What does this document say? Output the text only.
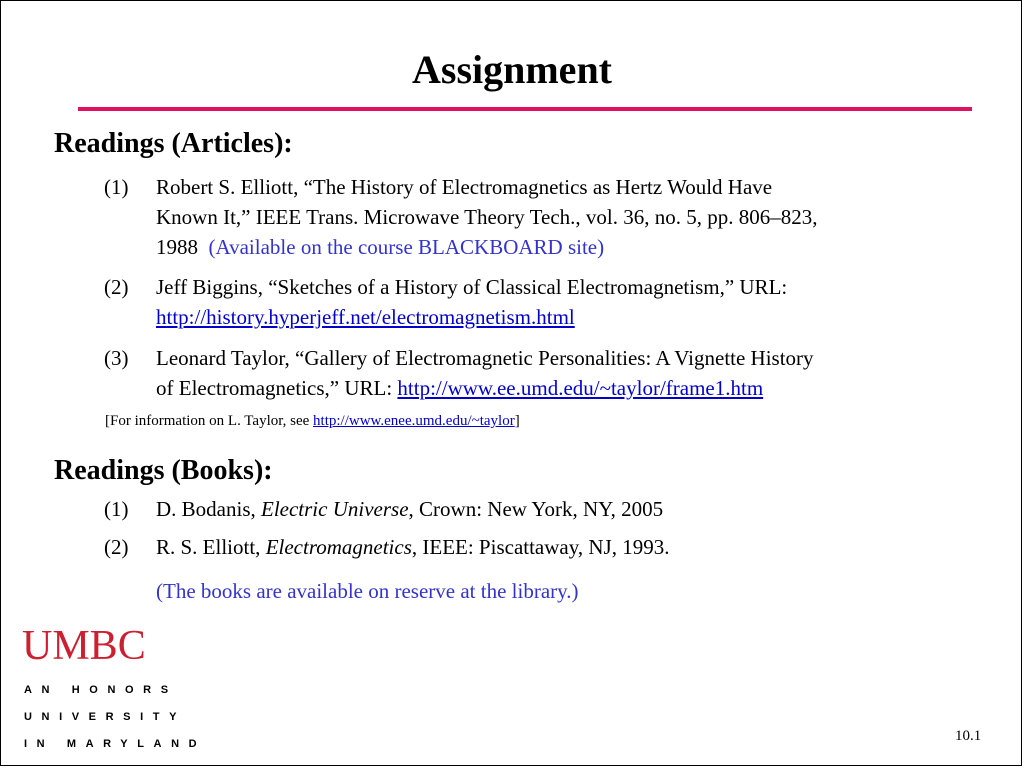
Assignment
Readings (Articles):
(1) Robert S. Elliott, “The History of Electromagnetics as Hertz Would Have
Known It,” IEEE Trans. Microwave Theory Tech., vol. 36, no. 5, pp. 806–823,
1988 (Available on the course BLACKBOARD site)
(2) Jeff Biggins, “Sketches of a History of Classical Electromagnetism,” URL:
http://history.hyperjeff.net/electromagnetism.html
(3) Leonard Taylor, “Gallery of Electromagnetic Personalities: A Vignette History
of Electromagnetics,” URL: http://www.ee.umd.edu/~taylor/frame1.htm
[For information on L. Taylor, see http://www.enee.umd.edu/~taylor]
Readings (Books):
(1) D. Bodanis, Electric Universe, Crown: New York, NY, 2005
(2) R. S. Elliott, Electromagnetics, IEEE: Piscattaway, NJ, 1993.
(The books are available on reserve at the library.)
UMBC
AN HONORS
UNIVERSITY
IN MARYLAND	10.1
